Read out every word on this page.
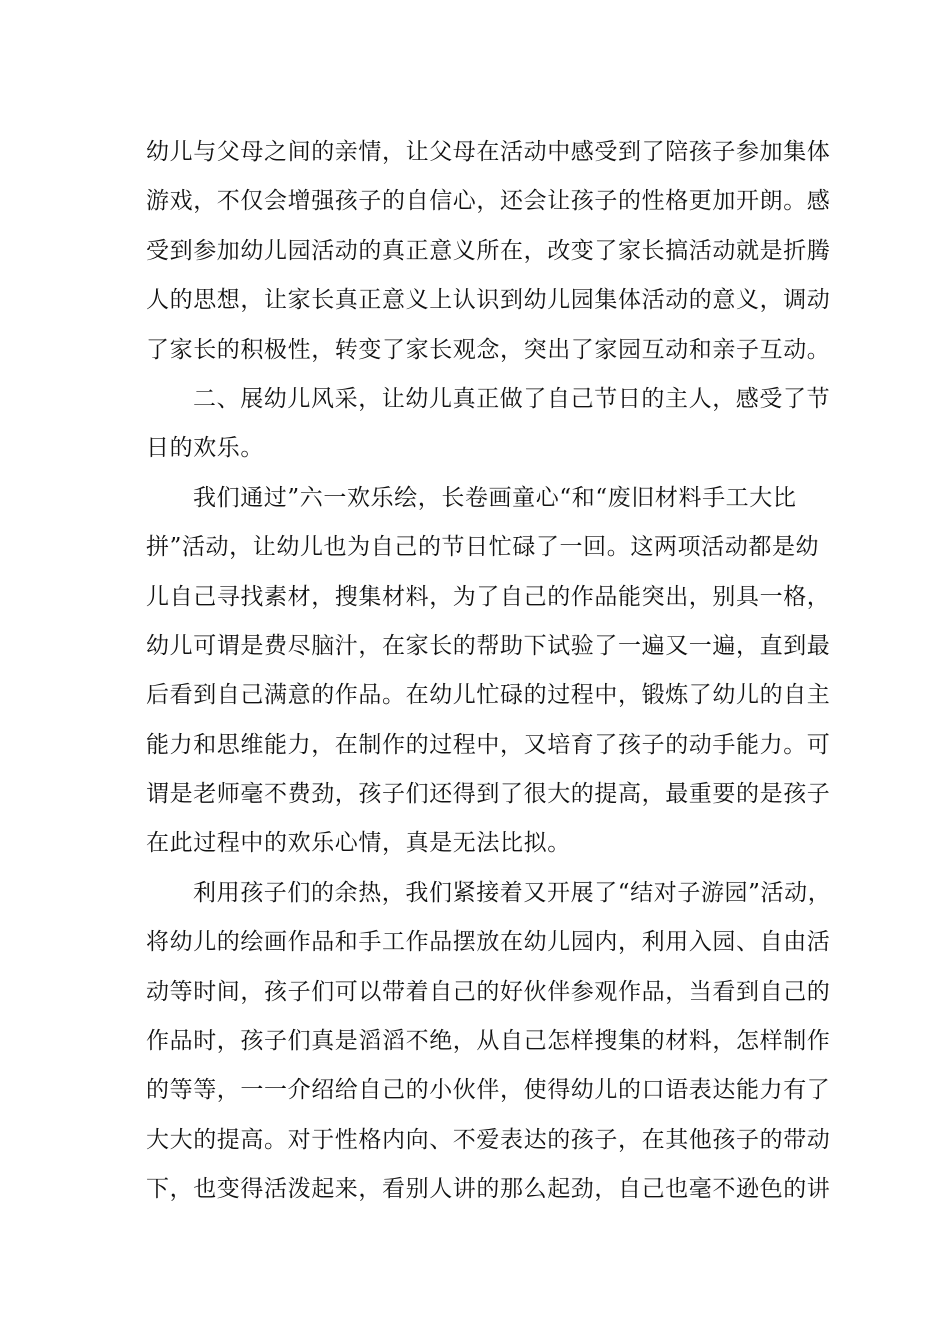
幼儿与父母之间的亲情，让父母在活动中感受到了陪孩子参加集体
游戏，不仅会增强孩子的自信心，还会让孩子的性格更加开朗。感
受到参加幼儿园活动的真正意义所在，改变了家长搞活动就是折腾
人的思想，让家长真正意义上认识到幼儿园集体活动的意义，调动
了家长的积极性，转变了家长观念，突出了家园互动和亲子互动。
二、展幼儿风采，让幼儿真正做了自己节日的主人，感受了节
日的欢乐。
我们通过”六一欢乐绘，长卷画童心“和“废旧材料手工大比
拼”活动，让幼儿也为自己的节日忙碌了一回。这两项活动都是幼
儿自己寻找素材，搜集材料，为了自己的作品能突出，别具一格，
幼儿可谓是费尽脑汁，在家长的帮助下试验了一遍又一遍，直到最
后看到自己满意的作品。在幼儿忙碌的过程中，锻炼了幼儿的自主
能力和思维能力，在制作的过程中，又培育了孩子的动手能力。可
谓是老师毫不费劲，孩子们还得到了很大的提高，最重要的是孩子
在此过程中的欢乐心情，真是无法比拟。
利用孩子们的余热，我们紧接着又开展了“结对子游园”活动，
将幼儿的绘画作品和手工作品摆放在幼儿园内，利用入园、自由活
动等时间，孩子们可以带着自己的好伙伴参观作品，当看到自己的
作品时，孩子们真是滔滔不绝，从自己怎样搜集的材料，怎样制作
的等等，一一介绍给自己的小伙伴，使得幼儿的口语表达能力有了
大大的提高。对于性格内向、不爱表达的孩子，在其他孩子的带动
下，也变得活泼起来，看别人讲的那么起劲，自己也毫不逊色的讲
